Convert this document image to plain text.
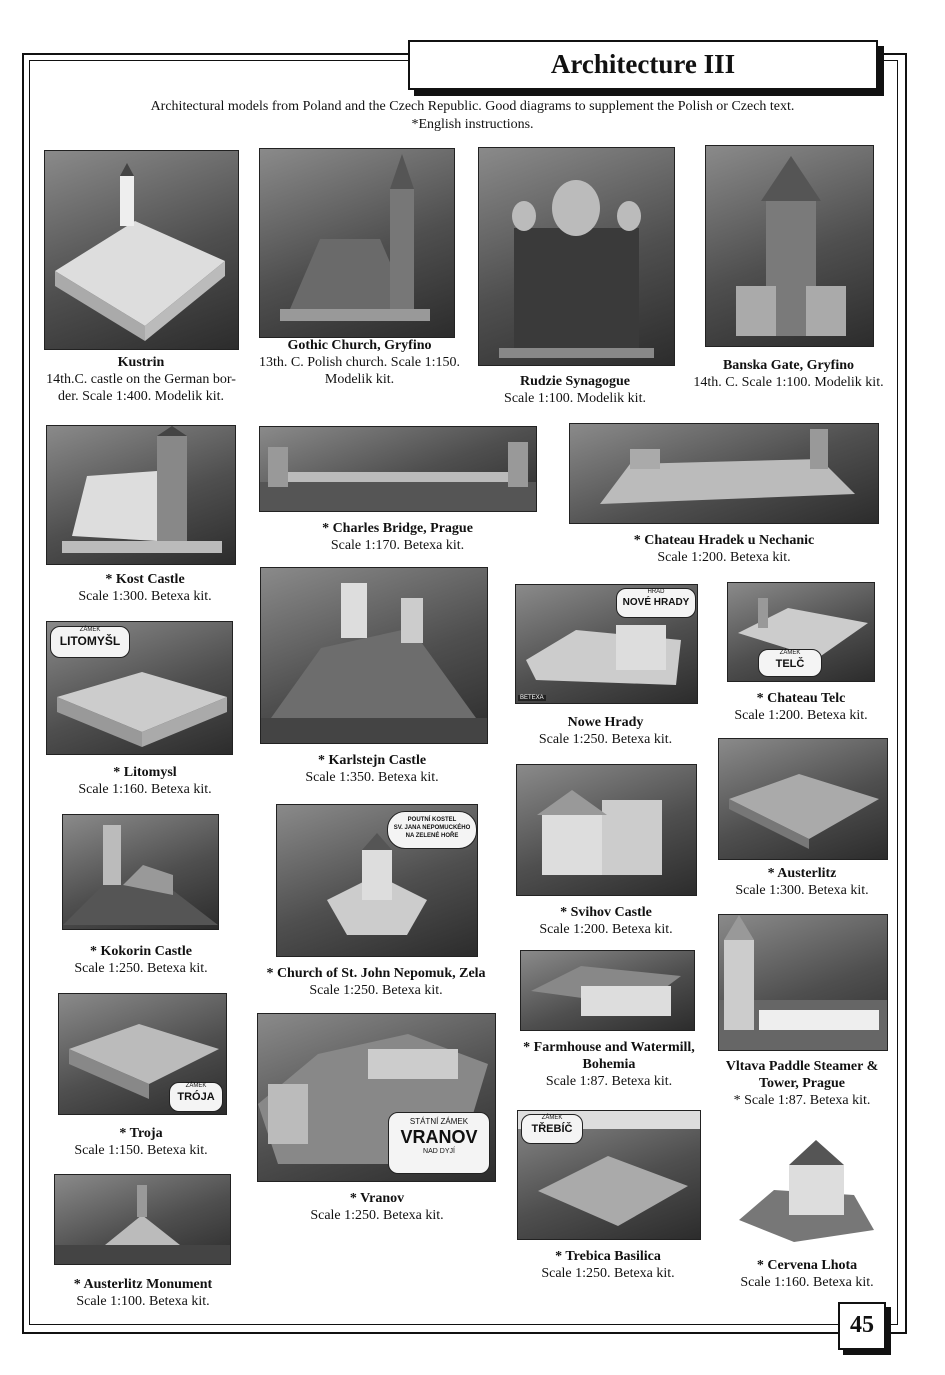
Architecture III
Architectural models from Poland and the Czech Republic. Good diagrams to supplement the Polish or Czech text.
*English instructions.
Kustrin
14th.C. castle on the German bor-der. Scale 1:400. Modelik kit.
Gothic Church, Gryfino
13th. C. Polish church. Scale 1:150. Modelik kit.	Rudzie Synagogue
Scale 1:100. Modelik kit.
Banska Gate, Gryfino
14th. C. Scale 1:100. Modelik kit.
* Kost Castle
Scale 1:300. Betexa kit.
* Charles Bridge, Prague
Scale 1:170. Betexa kit.	* Chateau Hradek u Nechanic
Scale 1:200. Betexa kit.
ZÁMEK
LITOMYŠL
* Litomysl
Scale 1:160. Betexa kit.
* Karlstejn Castle
Scale 1:350. Betexa kit.
HRAD
NOVÉ HRADY
BETEXA
Nowe Hrady
Scale 1:250. Betexa kit.
ZÁMEK
TELČ
* Chateau Telc
Scale 1:200. Betexa kit.
* Austerlitz
Scale 1:300. Betexa kit.
* Kokorin Castle
Scale 1:250. Betexa kit.
POUTNÍ KOSTEL
SV. JANA NEPOMUCKÉHO
NA ZELENÉ HOŘE
* Church of St. John Nepomuk, Zela
Scale 1:250. Betexa kit.
* Svihov Castle
Scale 1:200. Betexa kit.
* Farmhouse and Watermill, Bohemia
Scale 1:87. Betexa kit.
Vltava Paddle Steamer & Tower, Prague
* Scale 1:87. Betexa kit.
ZÁMEK
TRÓJA
* Troja
Scale 1:150. Betexa kit.
STÁTNÍ ZÁMEK
VRANOV
NAD DYJÍ
* Vranov
Scale 1:250. Betexa kit.
ZÁMEK
TŘEBÍČ
* Trebica Basilica
Scale 1:250. Betexa kit.
* Cervena Lhota
Scale 1:160. Betexa kit.
* Austerlitz Monument
Scale 1:100. Betexa kit.
45
